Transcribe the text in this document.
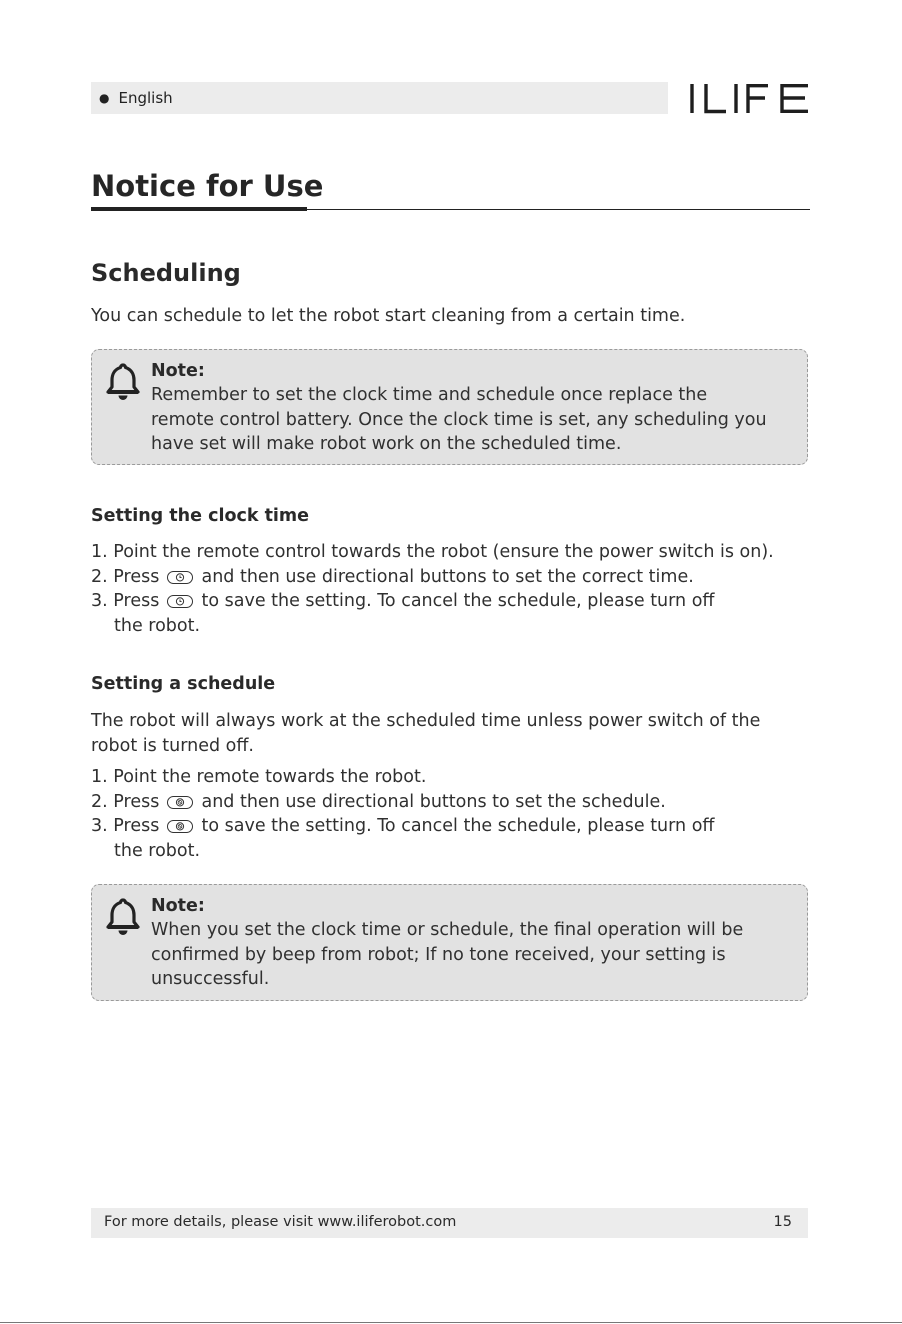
● English
Notice for Use
Scheduling
You can schedule to let the robot start cleaning from a certain time.
Note:
Remember to set the clock time and schedule once replace the
remote control battery. Once the clock time is set, any scheduling you
have set will make robot work on the scheduled time.
Setting the clock time
1. Point the remote control towards the robot (ensure the power switch is on).
2. Press and then use directional buttons to set the correct time.
3. Press to save the setting. To cancel the schedule, please turn off
the robot.
Setting a schedule
The robot will always work at the scheduled time unless power switch of the
robot is turned off.
1. Point the remote towards the robot.
2. Press and then use directional buttons to set the schedule.
3. Press to save the setting. To cancel the schedule, please turn off
the robot.
Note:
When you set the clock time or schedule, the final operation will be
confirmed by beep from robot; If no tone received, your setting is
unsuccessful.
For more details, please visit www.iliferobot.com	15
